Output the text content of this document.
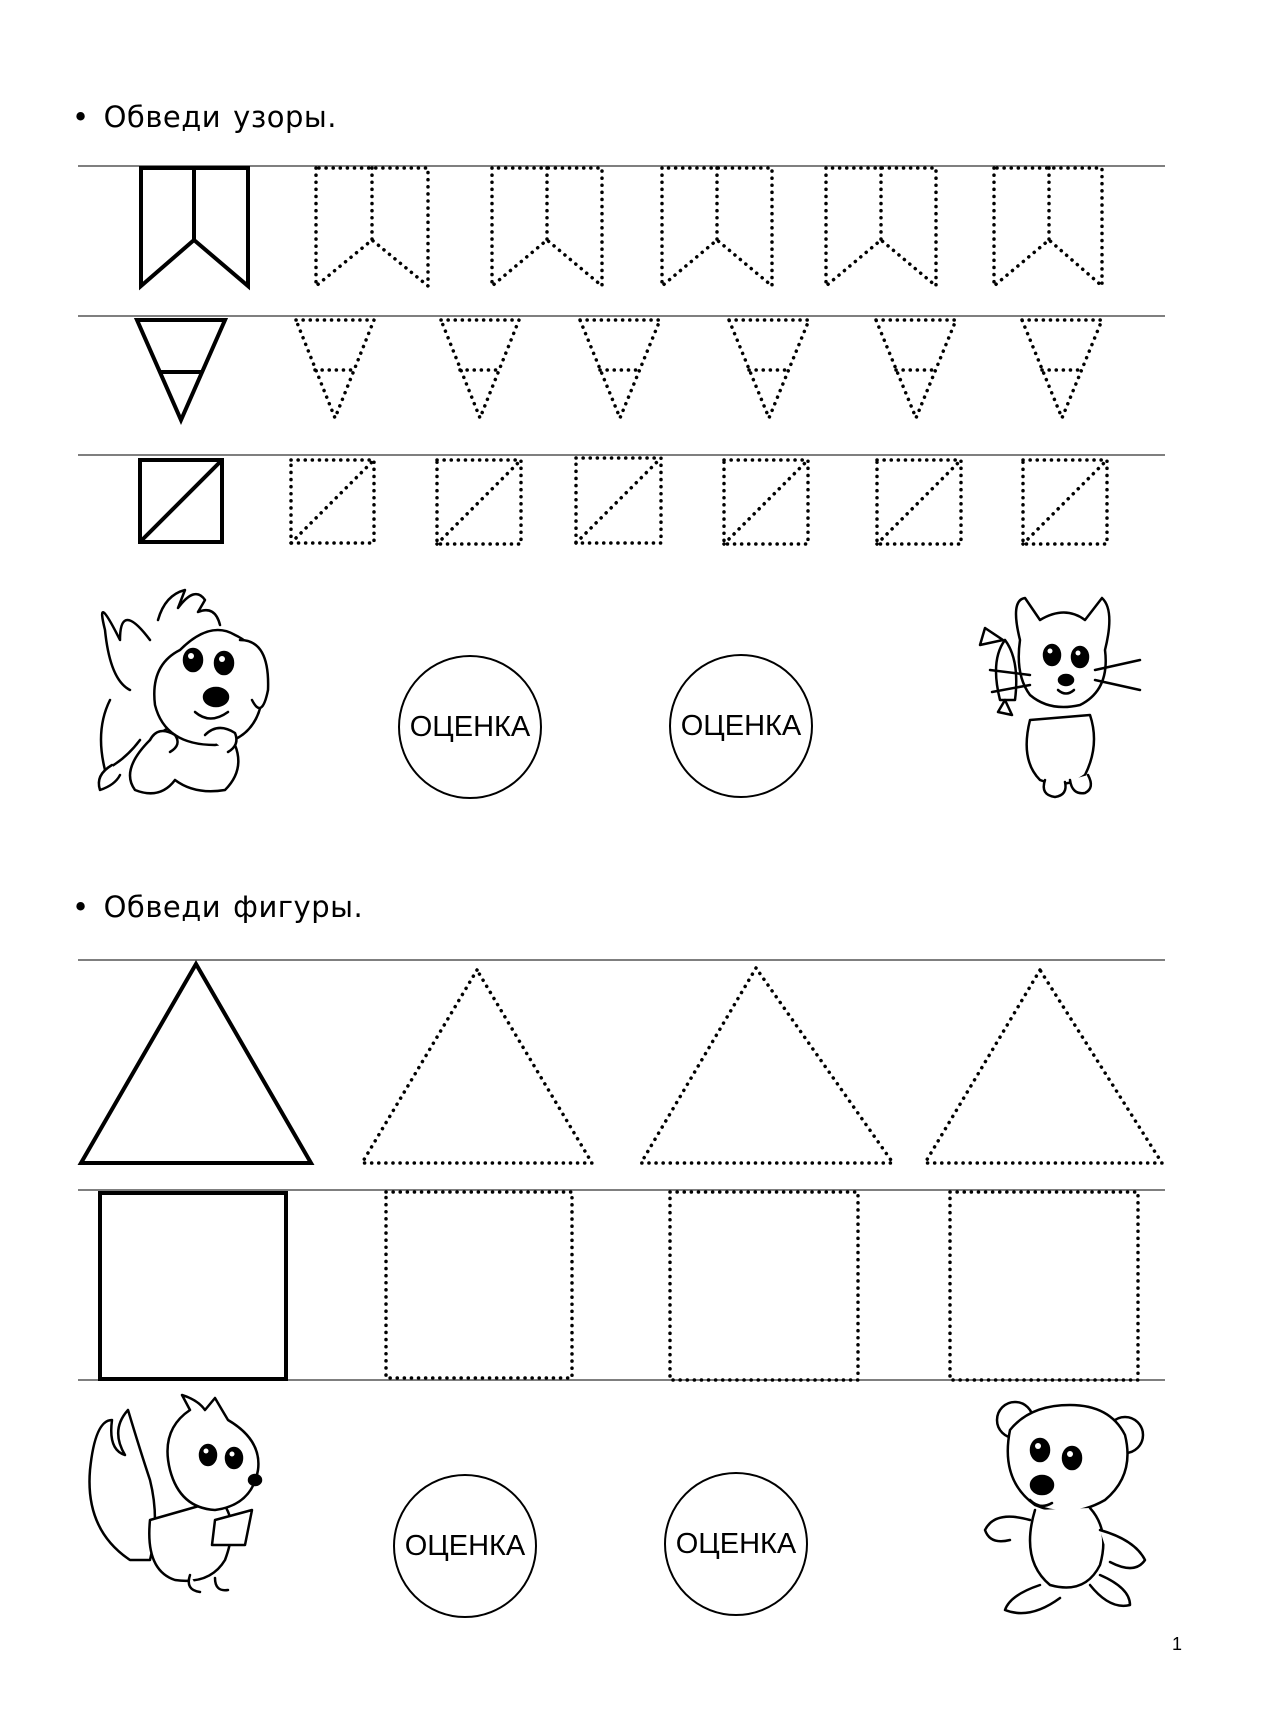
• Обведи узоры.
• Обведи фигуры.
ОЦЕНКА	ОЦЕНКА
ОЦЕНКА	ОЦЕНКА
1
